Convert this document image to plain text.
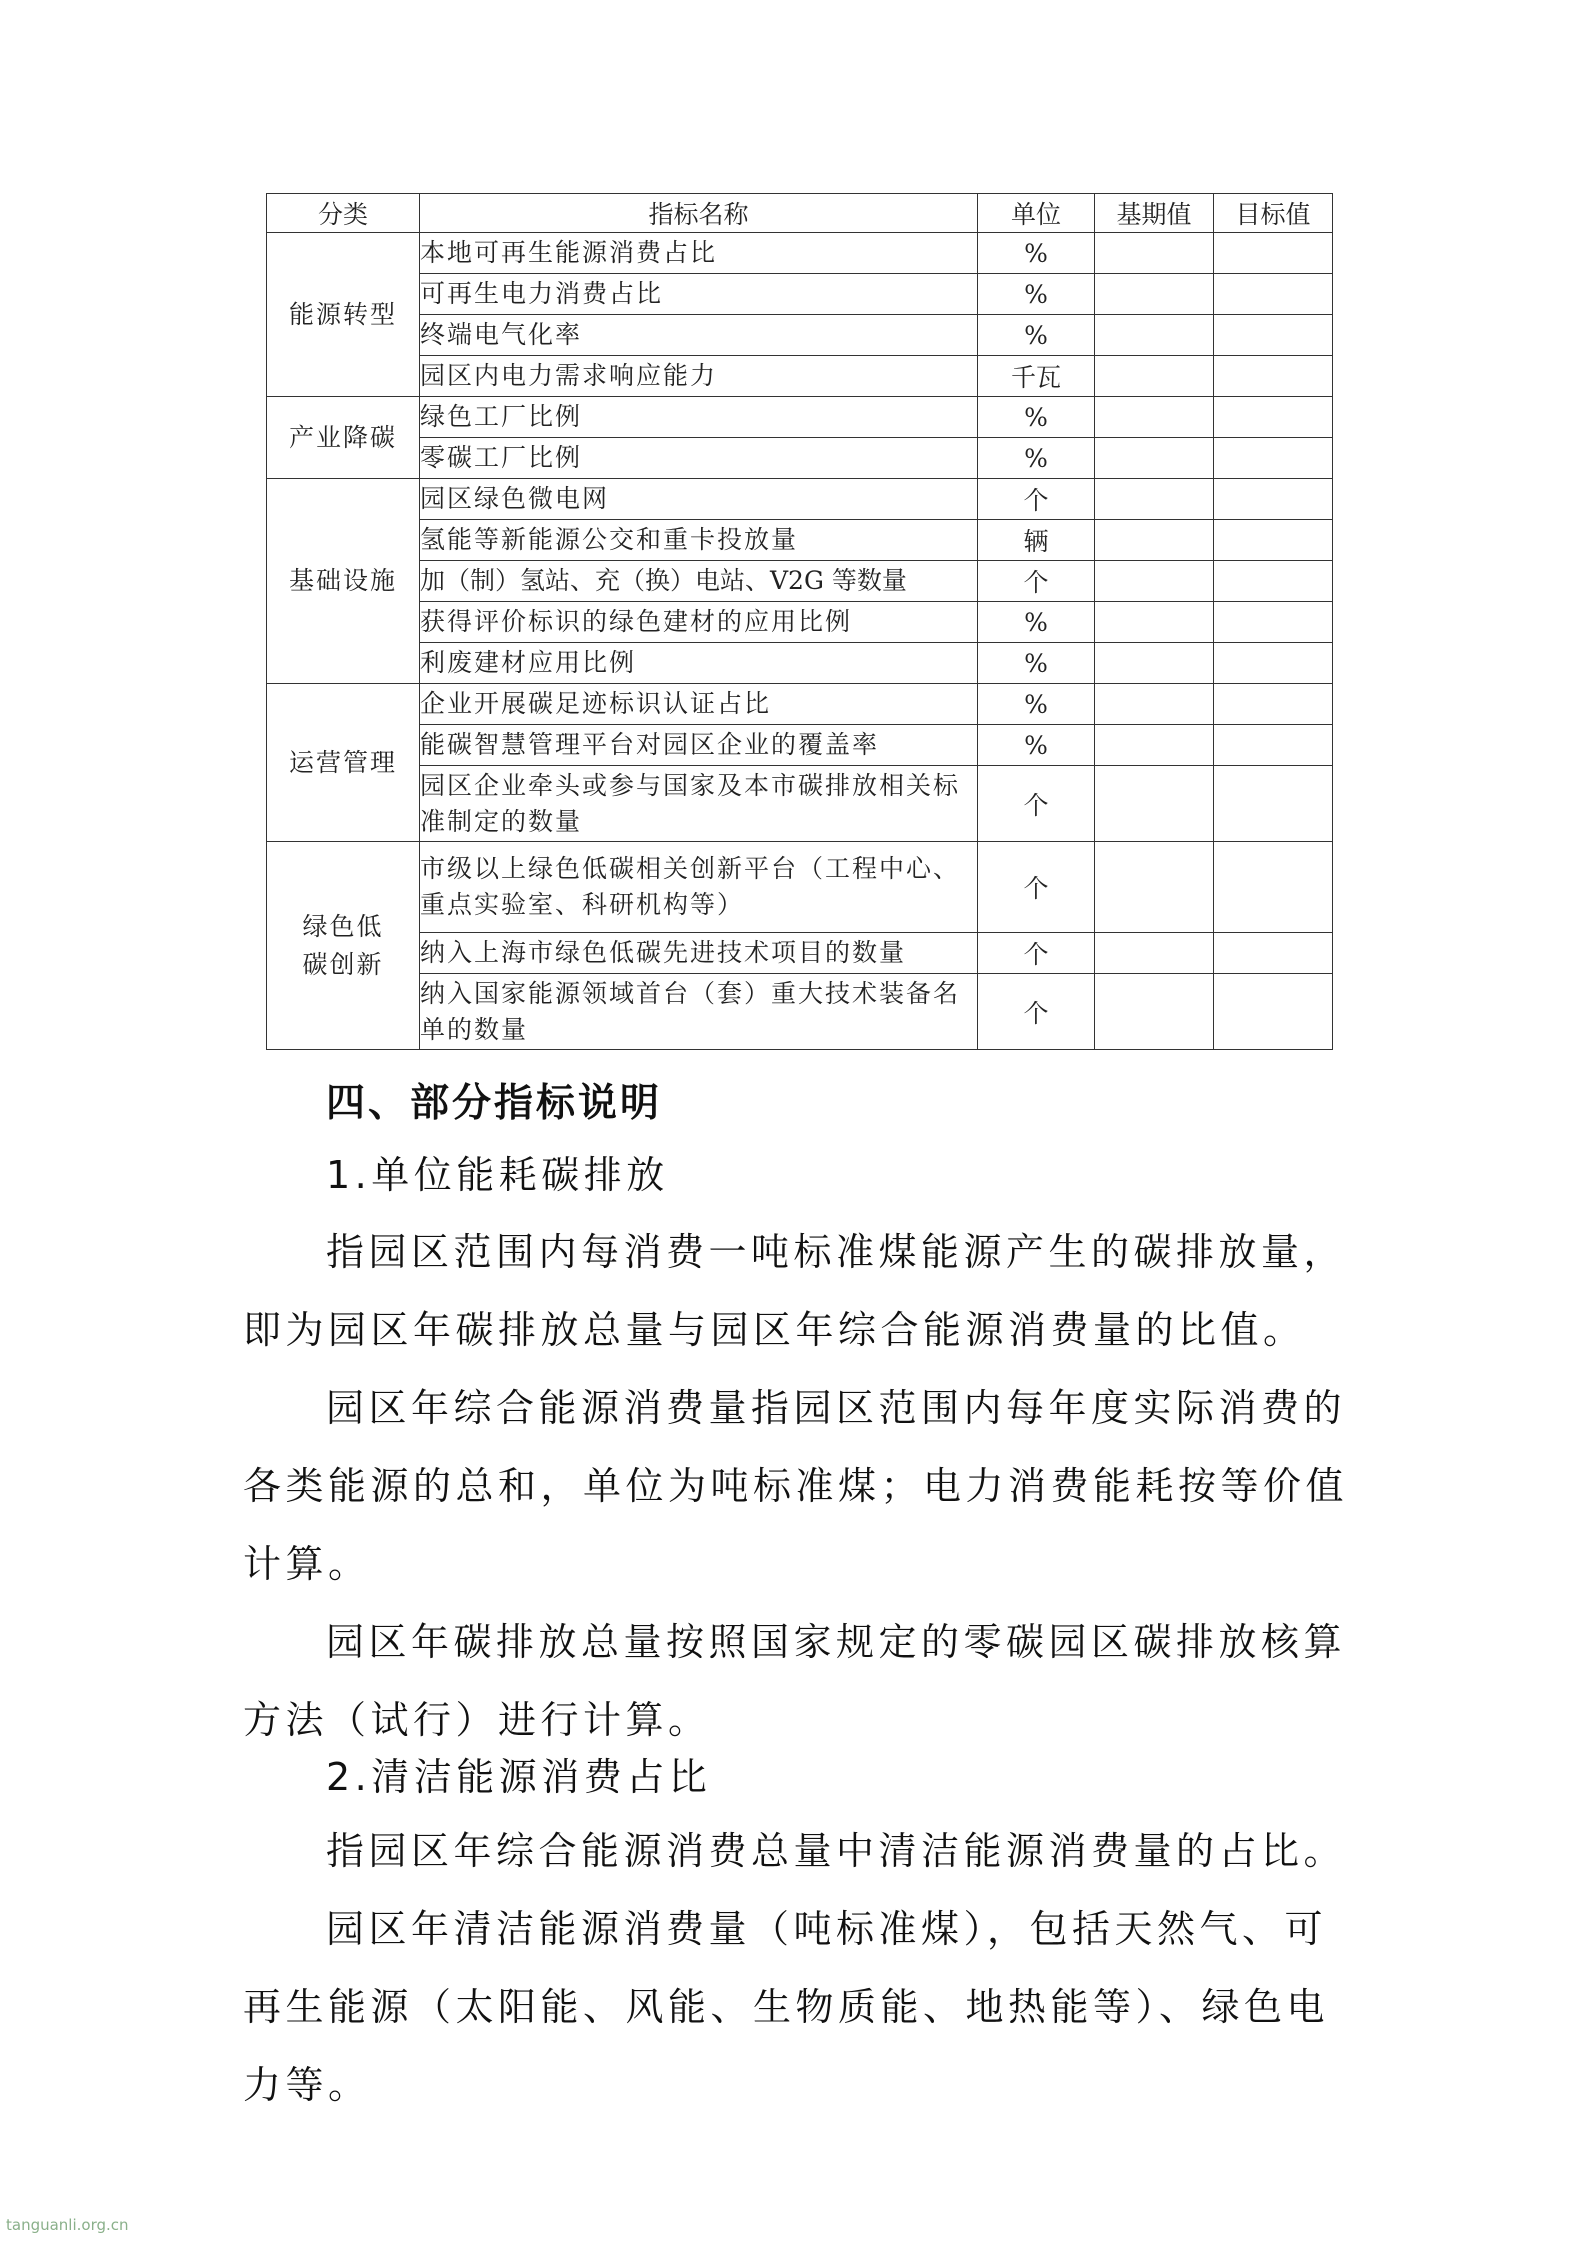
分类	指标名称	单位	基期值	目标值
能源转型	本地可再生能源消费占比	%		
	可再生电力消费占比	%		
	终端电气化率	%		
	园区内电力需求响应能力	千瓦		
产业降碳	绿色工厂比例	%		
	零碳工厂比例	%		
基础设施	园区绿色微电网	个		
	氢能等新能源公交和重卡投放量	辆		
	加（制）氢站、充（换）电站、V2G 等数量	个		
	获得评价标识的绿色建材的应用比例	%		
	利废建材应用比例	%		
运营管理	企业开展碳足迹标识认证占比	%		
	能碳智慧管理平台对园区企业的覆盖率	%		
	园区企业牵头或参与国家及本市碳排放相关标准制定的数量	个		
绿色低碳创新	市级以上绿色低碳相关创新平台（工程中心、重点实验室、科研机构等）	个		
	纳入上海市绿色低碳先进技术项目的数量	个		
	纳入国家能源领域首台（套）重大技术装备名单的数量	个		
四、部分指标说明
1.单位能耗碳排放

指园区范围内每消费一吨标准煤能源产生的碳排放量，即为园区年碳排放总量与园区年综合能源消费量的比值。

园区年综合能源消费量指园区范围内每年度实际消费的各类能源的总和，单位为吨标准煤；电力消费能耗按等价值计算。

园区年碳排放总量按照国家规定的零碳园区碳排放核算方法（试行）进行计算。

2.清洁能源消费占比

指园区年综合能源消费总量中清洁能源消费量的占比。

园区年清洁能源消费量（吨标准煤），包括天然气、可再生能源（太阳能、风能、生物质能、地热能等）、绿色电力等。

tanguanli.org.cn
